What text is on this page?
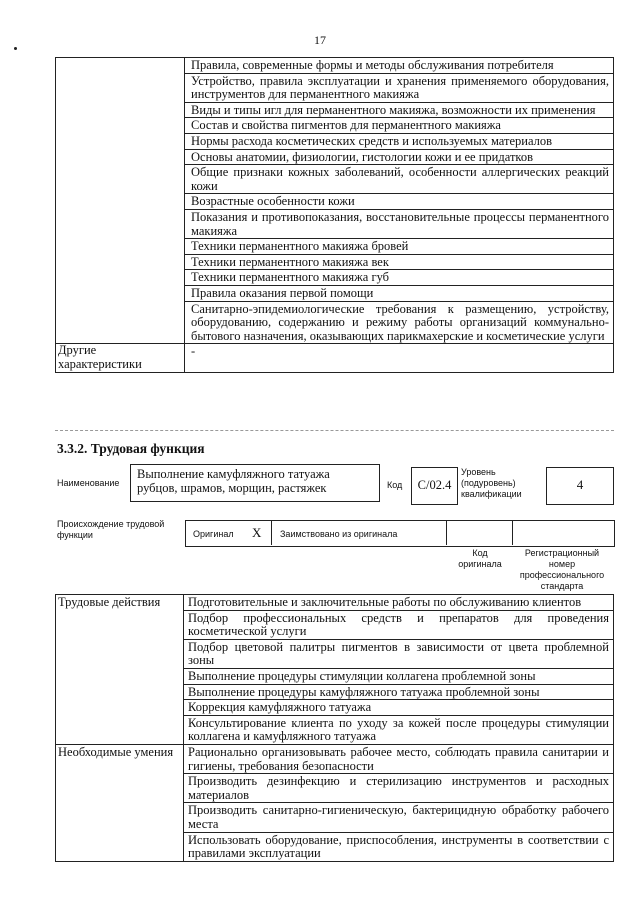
17
	Правила, современные формы и методы обслуживания потребителя
	Устройство, правила эксплуатации и хранения применяемого оборудования, инструментов для перманентного макияжа
	Виды и типы игл для перманентного макияжа, возможности их применения
	Состав и свойства пигментов для перманентного макияжа
	Нормы расхода косметических средств и используемых материалов
	Основы анатомии, физиологии, гистологии кожи и ее придатков
	Общие признаки кожных заболеваний, особенности аллергических реакций кожи
	Возрастные особенности кожи
	Показания и противопоказания, восстановительные процессы перманентного макияжа
	Техники перманентного макияжа бровей
	Техники перманентного макияжа век
	Техники перманентного макияжа губ
	Правила оказания первой помощи
	Санитарно-эпидемиологические требования к размещению, устройству, оборудованию, содержанию и режиму работы организаций коммунально-бытового назначения, оказывающих парикмахерские и косметические услуги
Другие характеристики	-
3.3.2. Трудовая функция
Наименование
Выполнение камуфляжного татуажа рубцов, шрамов, морщин, растяжек	Код	C/02.4
Уровень (подуровень) квалификации
4
Происхождение трудовой функции	Оригинал X Заимствовано из оригинала
Код оригинала
Регистрационный номер профессионального стандарта
Трудовые действия	Подготовительные и заключительные работы по обслуживанию клиентов
	Подбор профессиональных средств и препаратов для проведения косметической услуги
	Подбор цветовой палитры пигментов в зависимости от цвета проблемной зоны
	Выполнение процедуры стимуляции коллагена проблемной зоны
	Выполнение процедуры камуфляжного татуажа проблемной зоны
	Коррекция камуфляжного татуажа
	Консультирование клиента по уходу за кожей после процедуры стимуляции коллагена и камуфляжного татуажа
Необходимые умения	Рационально организовывать рабочее место, соблюдать правила санитарии и гигиены, требования безопасности
	Производить дезинфекцию и стерилизацию инструментов и расходных материалов
	Производить санитарно-гигиеническую, бактерицидную обработку рабочего места
	Использовать оборудование, приспособления, инструменты в соответствии с правилами эксплуатации
